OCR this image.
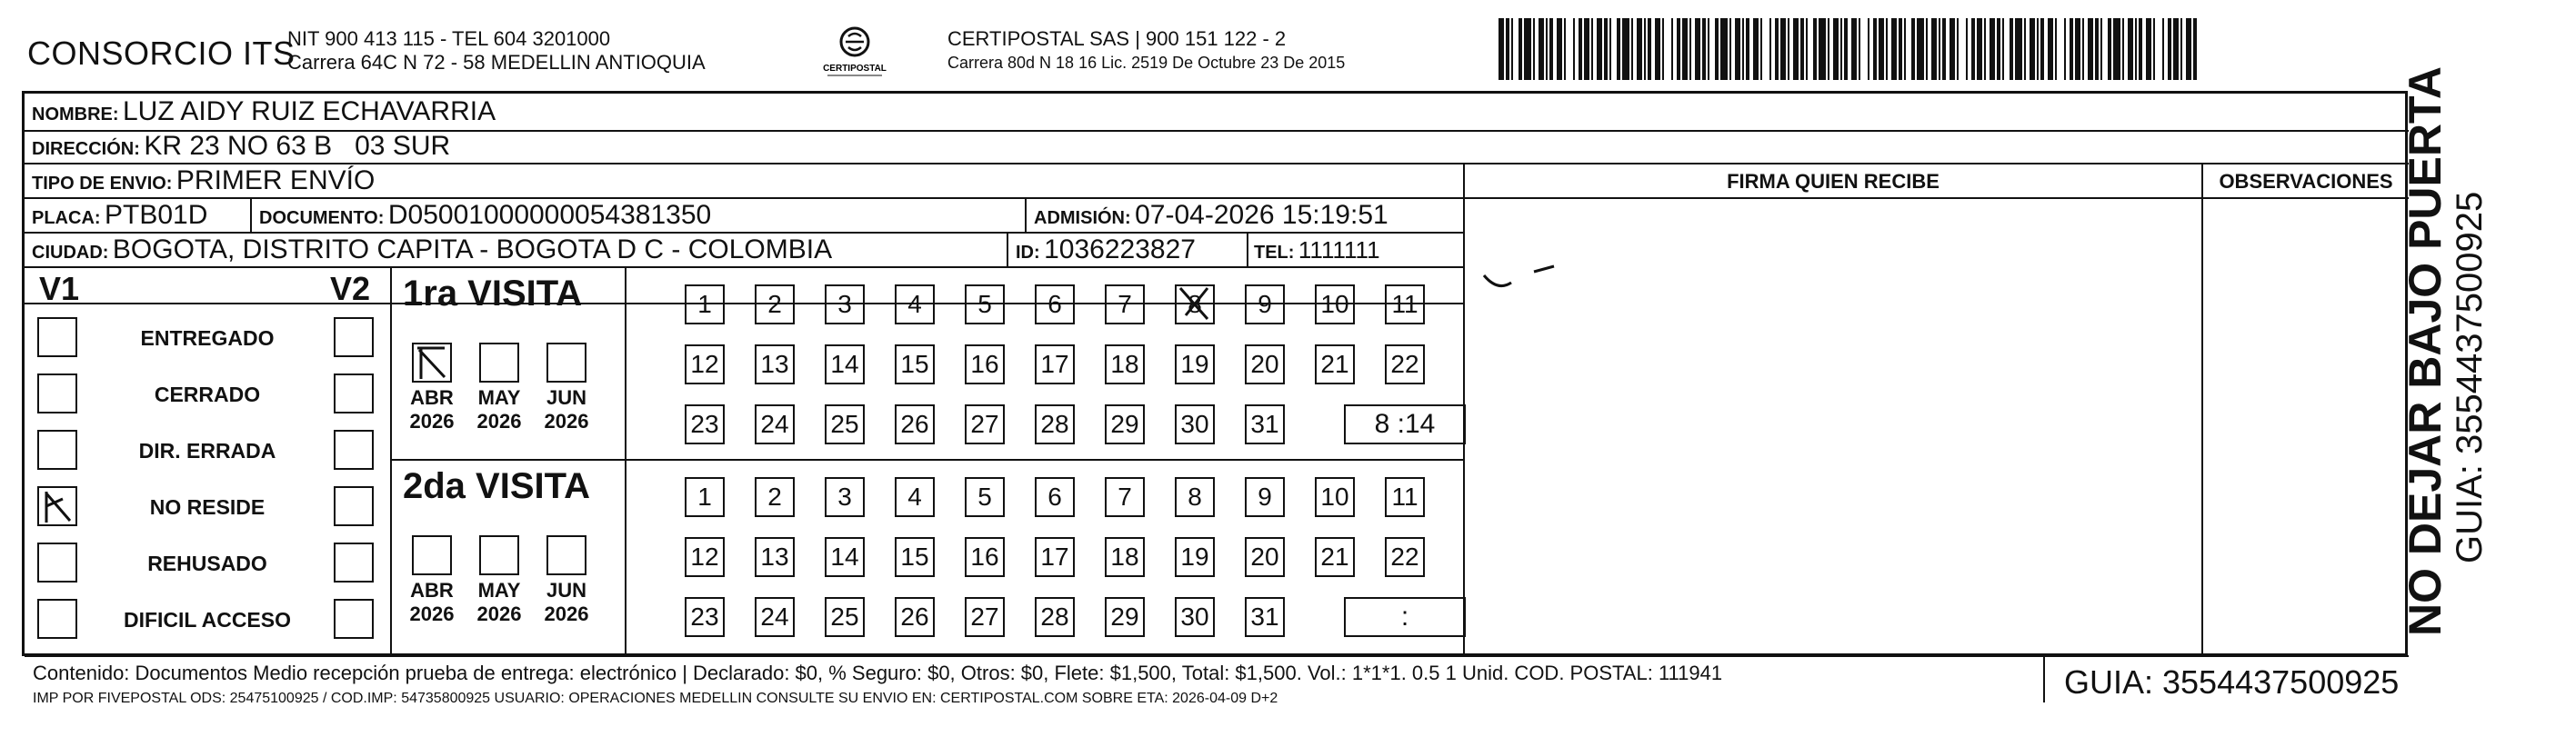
CONSORCIO ITS
NIT 900 413 115 - TEL 604 3201000
Carrera 64C N 72 - 58 MEDELLIN ANTIOQUIA	CERTIPOSTAL
CERTIPOSTAL SAS | 900 151 122 - 2
Carrera 80d N 18 16 Lic. 2519 De Octubre 23 De 2015
NOMBRE: LUZ AIDY RUIZ ECHAVARRIA
DIRECCIÓN: KR 23 NO 63 B   03 SUR
TIPO DE ENVIO: PRIMER ENVÍO
PLACA: PTB01D	DOCUMENTO: D05001000000054381350	ADMISIÓN: 07-04-2026 15:19:51
CIUDAD: BOGOTA, DISTRITO CAPITA - BOGOTA D C - COLOMBIA	ID: 1036223827	TEL: 1111111
FIRMA QUIEN RECIBE	OBSERVACIONES
V1	V2
ENTREGADO
CERRADO
DIR. ERRADA
NO RESIDE
REHUSADO
DIFICIL ACCESO
1ra VISITA
ABR
2026
MAY
2026
JUN
2026
1	2	3	4	5	6	7	8	9	10 11
12 13 14 15 16 17 18 19 20 21 22
23 24 25 26 27 28 29 30 31	8 :14
2da VISITA
ABR
2026
MAY
2026
JUN
2026
1	2	3	4	5	6	7	8	9	10 11
12 13 14 15 16 17 18 19 20 21 22
23 24 25 26 27 28 29 30 31	:
Contenido: Documentos Medio recepción prueba de entrega: electrónico | Declarado: $0, % Seguro: $0, Otros: $0, Flete: $1,500, Total: $1,500. Vol.: 1*1*1. 0.5 1 Unid. COD. POSTAL: 111941
IMP POR FIVEPOSTAL ODS: 25475100925 / COD.IMP: 54735800925 USUARIO: OPERACIONES MEDELLIN CONSULTE SU ENVIO EN: CERTIPOSTAL.COM SOBRE ETA: 2026-04-09 D+2	GUIA: 3554437500925
NO DEJAR BAJO PUERTA GUIA: 3554437500925
